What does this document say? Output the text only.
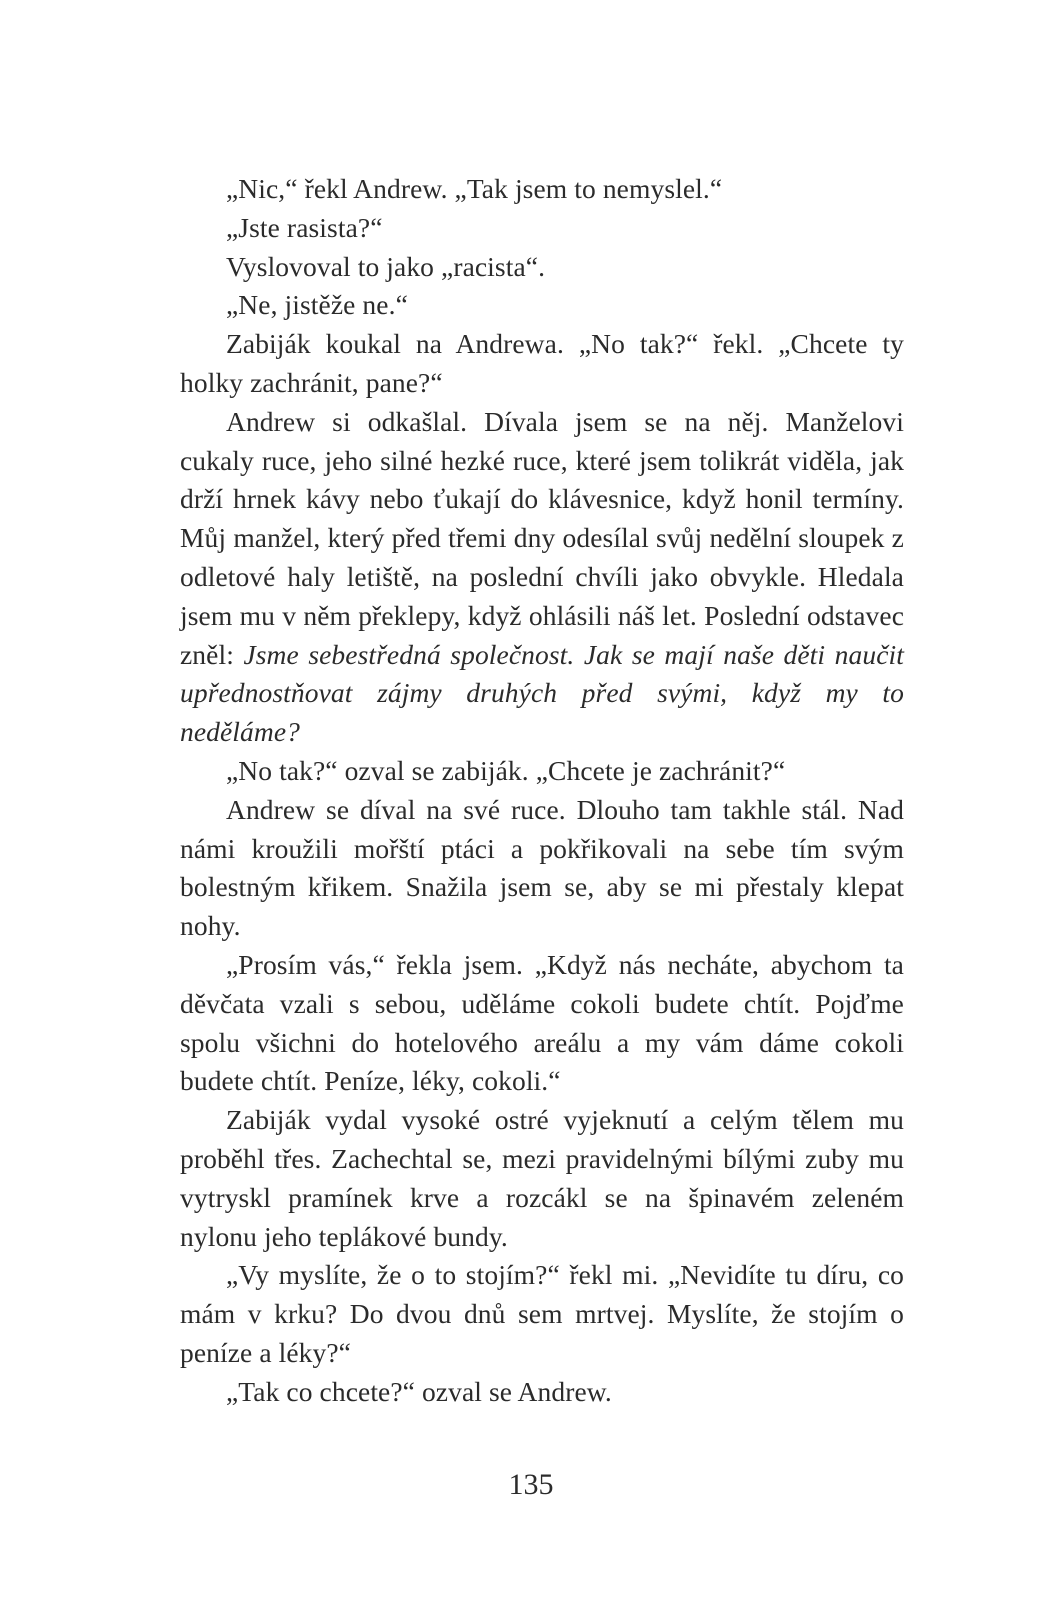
„Nic,“ řekl Andrew. „Tak jsem to nemyslel.“

„Jste rasista?“

Vyslovoval to jako „racista“.

„Ne, jistěže ne.“

Zabiják koukal na Andrewa. „No tak?“ řekl. „Chcete ty holky zachránit, pane?“

Andrew si odkašlal. Dívala jsem se na něj. Manželovi cukaly ruce, jeho silné hezké ruce, které jsem tolikrát viděla, jak drží hrnek kávy nebo ťukají do klávesnice, když honil termíny. Můj manžel, který před třemi dny odesílal svůj nedělní sloupek z odletové haly letiště, na poslední chvíli jako obvykle. Hledala jsem mu v něm překlepy, když ohlásili náš let. Poslední odstavec zněl: Jsme sebestředná společnost. Jak se mají naše děti naučit upřednostňovat zájmy druhých před svými, když my to neděláme?

„No tak?“ ozval se zabiják. „Chcete je zachránit?“

Andrew se díval na své ruce. Dlouho tam takhle stál. Nad námi kroužili mořští ptáci a pokřikovali na sebe tím svým bolestným křikem. Snažila jsem se, aby se mi přestaly klepat nohy.

„Prosím vás,“ řekla jsem. „Když nás necháte, abychom ta děvčata vzali s sebou, uděláme cokoli budete chtít. Pojďme spolu všichni do hotelového areálu a my vám dáme cokoli budete chtít. Peníze, léky, cokoli.“

Zabiják vydal vysoké ostré vyjeknutí a celým tělem mu proběhl třes. Zachechtal se, mezi pravidelnými bílými zuby mu vytryskl pramínek krve a rozcákl se na špinavém zeleném nylonu jeho teplákové bundy.

„Vy myslíte, že o to stojím?“ řekl mi. „Nevidíte tu díru, co mám v krku? Do dvou dnů sem mrtvej. Myslíte, že stojím o peníze a léky?“

„Tak co chcete?“ ozval se Andrew.

135
